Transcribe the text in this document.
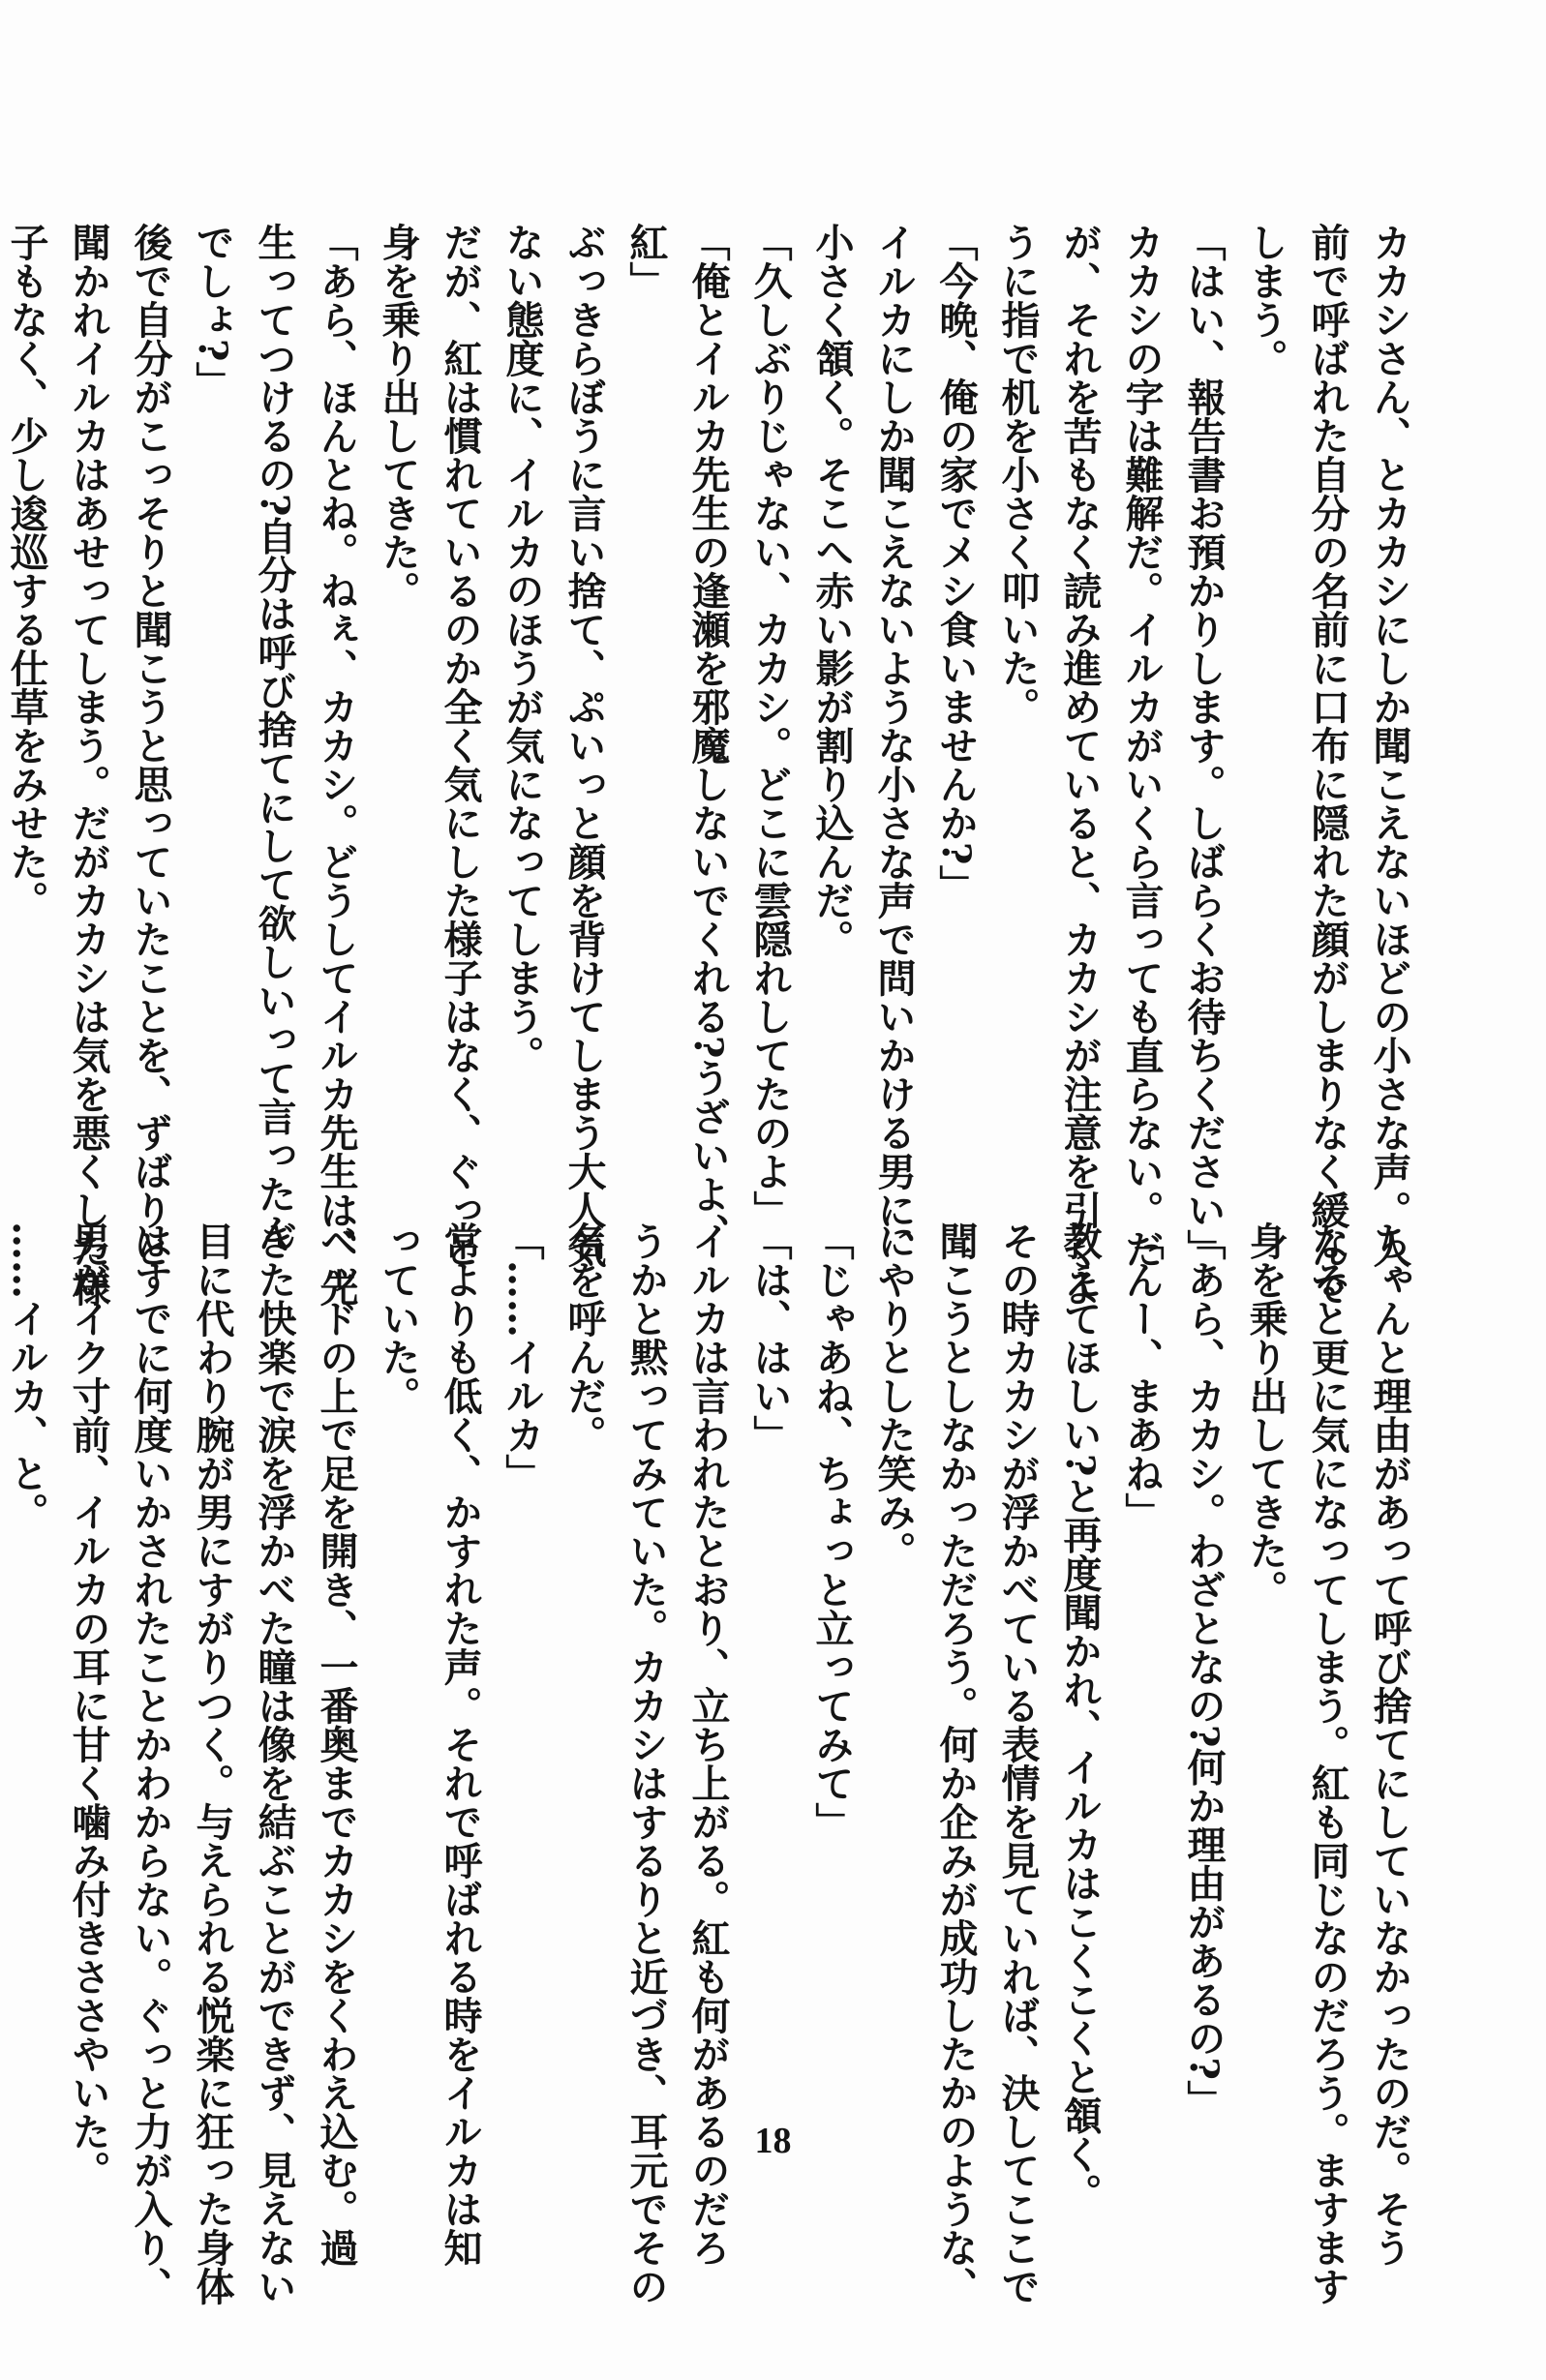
カカシさん、とカカシにしか聞こえないほどの小さな声。人
前で呼ばれた自分の名前に口布に隠れた顔がしまりなく緩んで
しまう。
「はい、報告書お預かりします。しばらくお待ちください」
カカシの字は難解だ。イルカがいくら言っても直らない。だ
が、それを苦もなく読み進めていると、カカシが注意を引くよ
うに指で机を小さく叩いた。
「今晩、俺の家でメシ食いませんか?」
イルカにしか聞こえないような小さな声で問いかける男に、
小さく頷く。そこへ赤い影が割り込んだ。
「久しぶりじゃない、カカシ。どこに雲隠れしてたのよ」
「俺とイルカ先生の逢瀬を邪魔しないでくれる?うざいよ、
紅」
ぶっきらぼうに言い捨て、ぷいっと顔を背けてしまう大人気
ない態度に、イルカのほうが気になってしまう。
だが、紅は慣れているのか全く気にした様子はなく、ぐっと
身を乗り出してきた。
「あら、ほんとね。ねぇ、カカシ。どうしてイルカ先生は、先
生ってつけるの?自分は呼び捨てにして欲しいって言ったん
でしょ?」
後で自分がこっそりと聞こうと思っていたことを、ずばりと
聞かれイルカはあせってしまう。だがカカシは気を悪くした様
子もなく、少し逡巡する仕草をみせた。
ちゃんと理由があって呼び捨てにしていなかったのだ。そう
なると更に気になってしまう。紅も同じなのだろう。ますます
身を乗り出してきた。
「あら、カカシ。わざとなの?何か理由があるの?」
「んー、まあね」
教えてほしい?と再度聞かれ、イルカはこくこくと頷く。
その時カカシが浮かべている表情を見ていれば、決してここで
聞こうとしなかっただろう。何か企みが成功したかのような、
にやりとした笑み。
「じゃあね、ちょっと立ってみて」
「は、はい」
イルカは言われたとおり、立ち上がる。紅も何があるのだろ
うかと黙ってみていた。カカシはするりと近づき、耳元でその
名を呼んだ。
「……イルカ」
常よりも低く、かすれた声。それで呼ばれる時をイルカは知
っていた。
ベッドの上で足を開き、一番奥までカカシをくわえ込む。過
ぎた快楽で涙を浮かべた瞳は像を結ぶことができず、見えない
目に代わり腕が男にすがりつく。与えられる悦楽に狂った身体
はすでに何度いかされたことかわからない。ぐっと力が入り、
男がイク寸前、イルカの耳に甘く噛み付きささやいた。
……イルカ、と。
18
